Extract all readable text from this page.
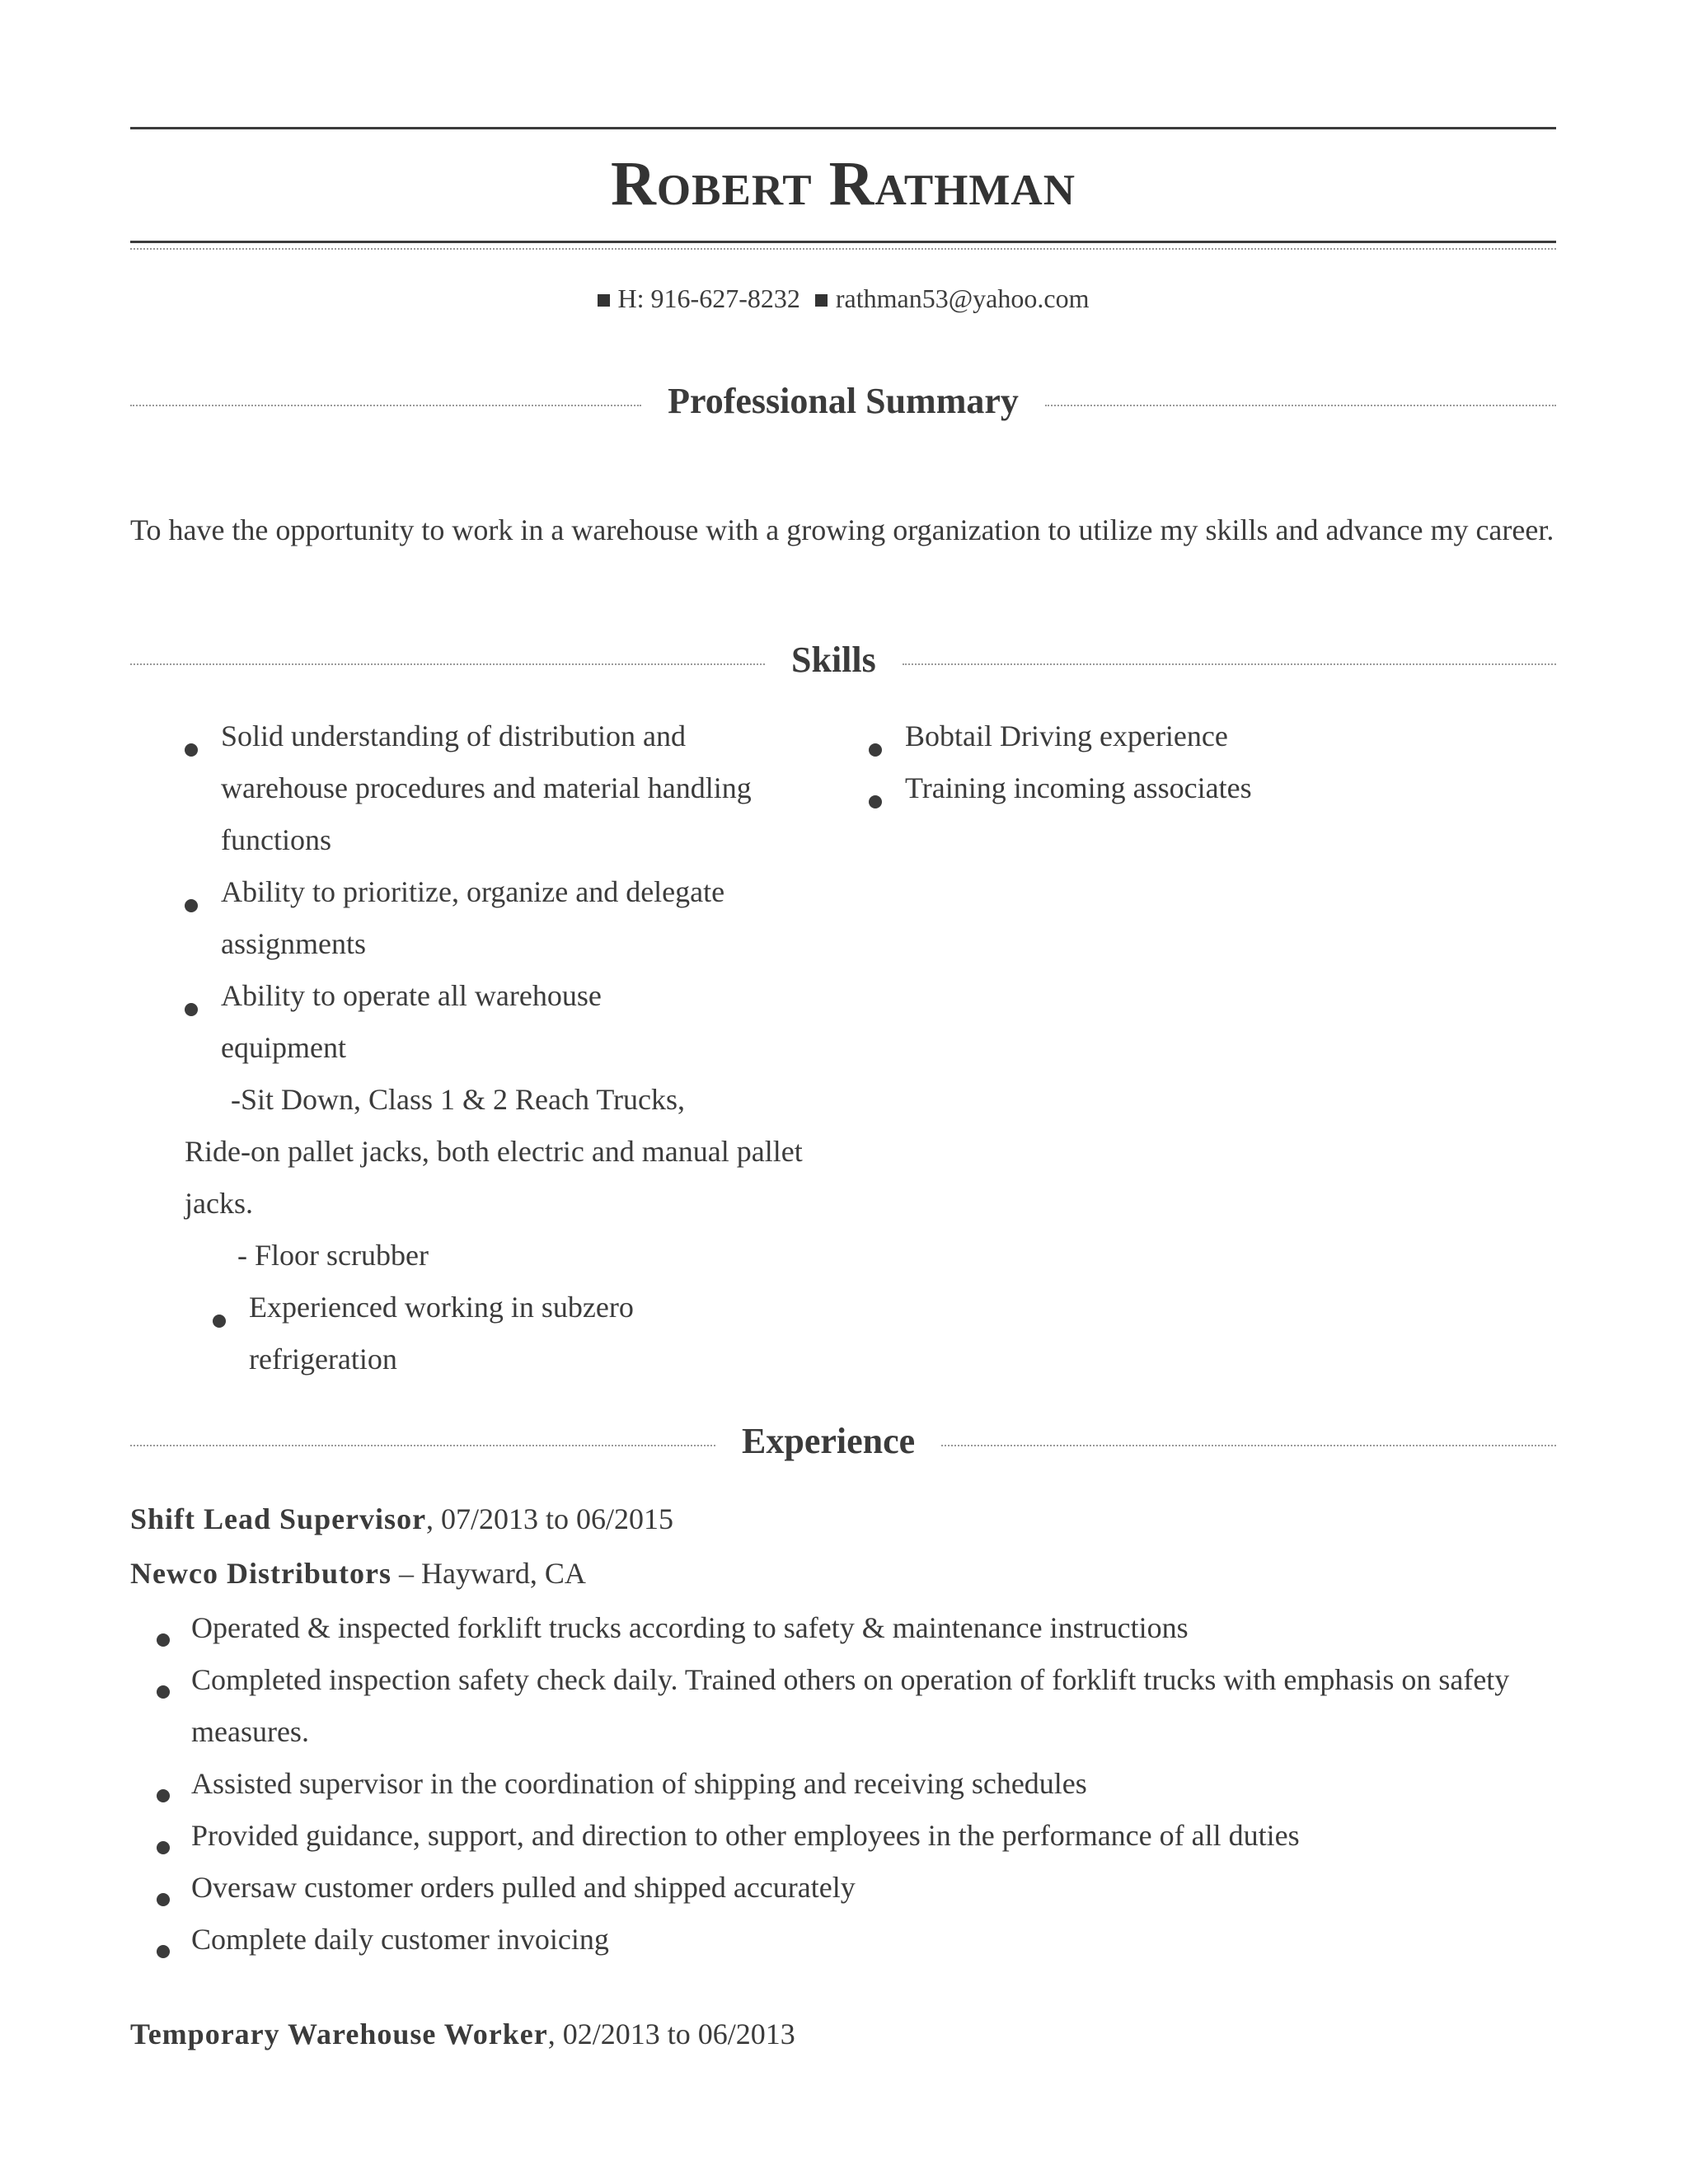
Robert Rathman
H: 916-627-8232 rathman53@yahoo.com
Professional Summary
To have the opportunity to work in a warehouse with a growing organization to utilize my skills and advance my career.
Skills
Solid understanding of distribution and warehouse procedures and material handling functions
Ability to prioritize, organize and delegate assignments
Ability to operate all warehouse equipment
-Sit Down, Class 1 & 2 Reach Trucks,
Ride-on pallet jacks, both electric and manual pallet jacks.
- Floor scrubber
Experienced working in subzero refrigeration
Bobtail Driving experience
Training incoming associates
Experience
Shift Lead Supervisor, 07/2013 to 06/2015
Newco Distributors – Hayward, CA
Operated & inspected forklift trucks according to safety & maintenance instructions
Completed inspection safety check daily. Trained others on operation of forklift trucks with emphasis on safety measures.
Assisted supervisor in the coordination of shipping and receiving schedules
Provided guidance, support, and direction to other employees in the performance of all duties
Oversaw customer orders pulled and shipped accurately
Complete daily customer invoicing
Temporary Warehouse Worker, 02/2013 to 06/2013
